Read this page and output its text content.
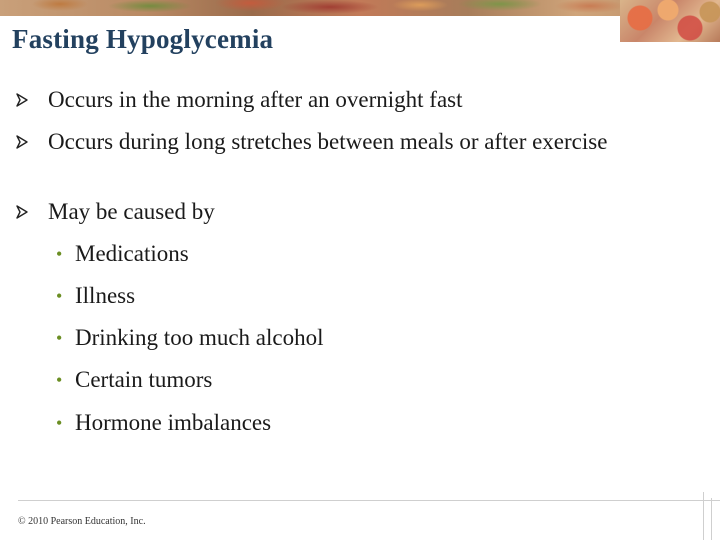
Fasting Hypoglycemia
Occurs in the morning after an overnight fast
Occurs during long stretches between meals or after exercise
May be caused by
• Medications
• Illness
• Drinking too much alcohol
• Certain tumors
• Hormone imbalances
© 2010 Pearson Education, Inc.
